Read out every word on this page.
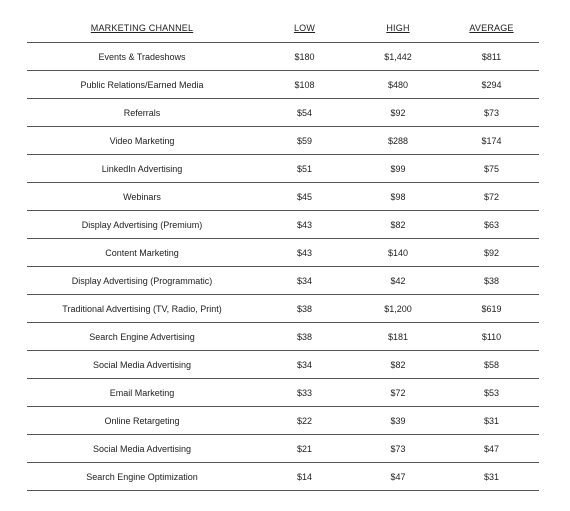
MARKETING CHANNEL	LOW	HIGH	AVERAGE
Events & Tradeshows	$180	$1,442	$811
Public Relations/Earned Media	$108	$480	$294
Referrals	$54	$92	$73
Video Marketing	$59	$288	$174
LinkedIn Advertising	$51	$99	$75
Webinars	$45	$98	$72
Display Advertising (Premium)	$43	$82	$63
Content Marketing	$43	$140	$92
Display Advertising (Programmatic)	$34	$42	$38
Traditional Advertising (TV, Radio, Print)	$38	$1,200	$619
Search Engine Advertising	$38	$181	$110
Social Media Advertising	$34	$82	$58
Email Marketing	$33	$72	$53
Online Retargeting	$22	$39	$31
Social Media Advertising	$21	$73	$47
Search Engine Optimization	$14	$47	$31
